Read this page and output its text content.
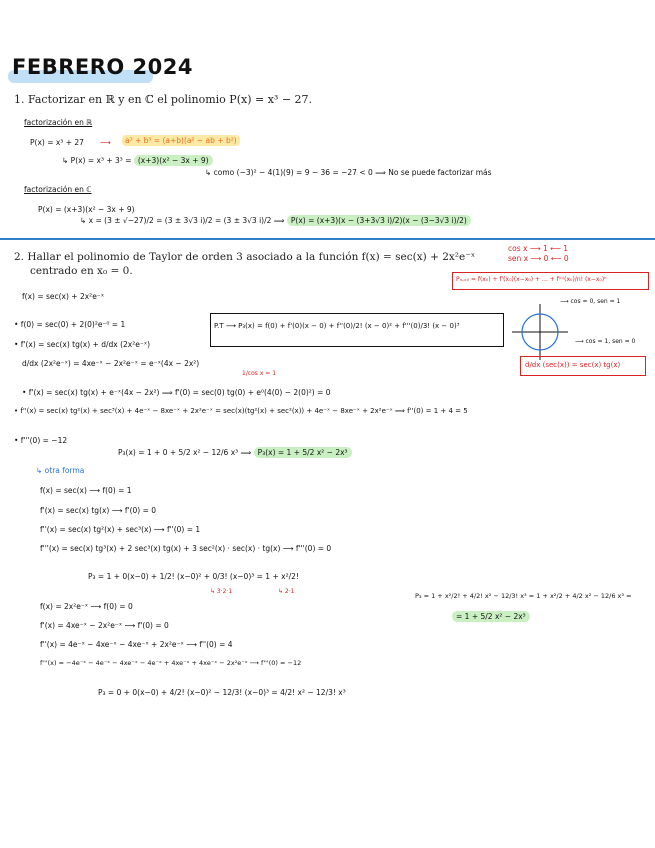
FEBRERO 2024
1. Factorizar en ℝ y en ℂ el polinomio P(x) = x³ − 27.
factorización en ℝ
P(x) = x³ + 27 ⟶	a³ + b³ = (a+b)(a² − ab + b²)
↳ P(x) = x³ + 3³ = (x+3)(x² − 3x + 9)
↳ como (−3)² − 4(1)(9) = 9 − 36 = −27 < 0 ⟹ No se puede factorizar más
factorización en ℂ
P(x) = (x+3)(x² − 3x + 9)
↳ x = (3 ± √−27)/2 = (3 ± 3√3 i)/2 = (3 ± 3√3 i)/2 ⟹ P(x) = (x+3)(x − (3+3√3 i)/2)(x − (3−3√3 i)/2)
2. Hallar el polinomio de Taylor de orden 3 asociado a la función f(x) = sec(x) + 2x²e⁻ˣ
centrado en x₀ = 0.
cos x ⟶ 1 ⟵ 1
sen x ⟶ 0 ⟵ 0
Pₙ,ₓ₀ = f(x₀) + f'(x₀)(x−x₀) + … + f⁽ⁿ⁾(x₀)/n! (x−x₀)ⁿ
f(x) = sec(x) + 2x²e⁻ˣ
• f(0) = sec(0) + 2(0)²e⁻⁰ = 1	P.T ⟶ P₃(x) = f(0) + f'(0)(x − 0) + f''(0)/2! (x − 0)² + f'''(0)/3! (x − 0)³
⟶ cos = 0, sen = 1
⟶ cos = 1, sen = 0
d/dx (sec(x)) = sec(x) tg(x)
• f'(x) = sec(x) tg(x) + d/dx (2x²e⁻ˣ)
d/dx (2x²e⁻ˣ) = 4xe⁻ˣ − 2x²e⁻ˣ = e⁻ˣ(4x − 2x²)
1/cos x = 1
• f'(x) = sec(x) tg(x) + e⁻ˣ(4x − 2x²) ⟹ f'(0) = sec(0) tg(0) + e⁰(4(0) − 2(0)²) = 0
• f''(x) = sec(x) tg²(x) + sec³(x) + 4e⁻ˣ − 8xe⁻ˣ + 2x²e⁻ˣ = sec(x)(tg²(x) + sec²(x)) + 4e⁻ˣ − 8xe⁻ˣ + 2x²e⁻ˣ ⟹ f''(0) = 1 + 4 = 5
• f'''(0) = −12
P₃(x) = 1 + 0 + 5/2 x² − 12/6 x³ ⟹ P₃(x) = 1 + 5/2 x² − 2x³
↳ otra forma
f(x) = sec(x) ⟶ f(0) = 1
f'(x) = sec(x) tg(x) ⟶ f'(0) = 0
f''(x) = sec(x) tg²(x) + sec³(x) ⟶ f''(0) = 1
f'''(x) = sec(x) tg³(x) + 2 sec³(x) tg(x) + 3 sec²(x) · sec(x) · tg(x) ⟶ f'''(0) = 0
P₃ = 1 + 0(x−0) + 1/2! (x−0)² + 0/3! (x−0)³ = 1 + x²/2!
↳ 3·2·1	↳ 2·1
f(x) = 2x²e⁻ˣ ⟶ f(0) = 0
f'(x) = 4xe⁻ˣ − 2x²e⁻ˣ ⟶ f'(0) = 0
f''(x) = 4e⁻ˣ − 4xe⁻ˣ − 4xe⁻ˣ + 2x²e⁻ˣ ⟶ f''(0) = 4
f'''(x) = −4e⁻ˣ − 4e⁻ˣ − 4xe⁻ˣ − 4e⁻ˣ + 4xe⁻ˣ + 4xe⁻ˣ − 2x²e⁻ˣ ⟶ f'''(0) = −12
P₃ = 0 + 0(x−0) + 4/2! (x−0)² − 12/3! (x−0)³ = 4/2! x² − 12/3! x³
P₃ = 1 + x²/2! + 4/2! x² − 12/3! x³ = 1 + x²/2 + 4/2 x² − 12/6 x³ =
= 1 + 5/2 x² − 2x³
